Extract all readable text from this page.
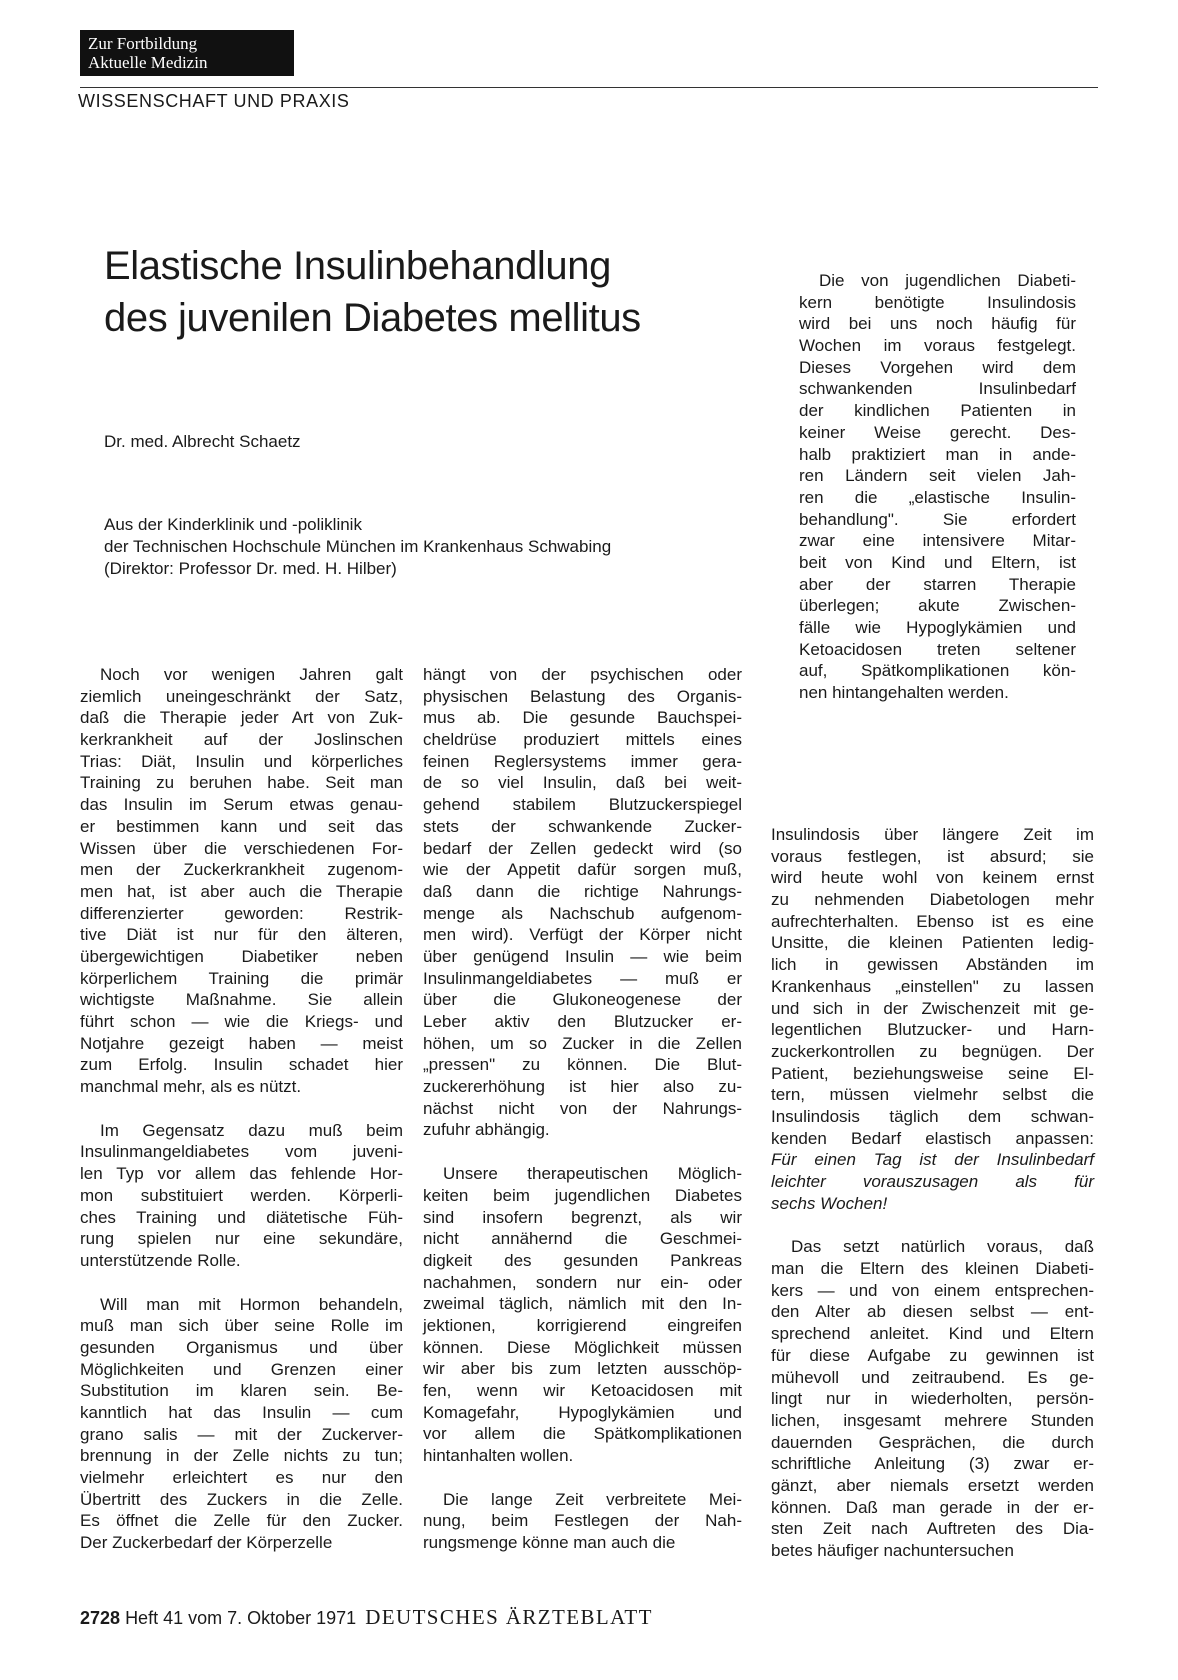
Zur Fortbildung
Aktuelle Medizin
WISSENSCHAFT UND PRAXIS
Elastische Insulinbehandlung
des juvenilen Diabetes mellitus
Dr. med. Albrecht Schaetz
Aus der Kinderklinik und -poliklinik
der Technischen Hochschule München im Krankenhaus Schwabing
(Direktor: Professor Dr. med. H. Hilber)
Noch vor wenigen Jahren galt
ziemlich uneingeschränkt der Satz,
daß die Therapie jeder Art von Zuk-
kerkrankheit auf der Joslinschen
Trias: Diät, Insulin und körperliches
Training zu beruhen habe. Seit man
das Insulin im Serum etwas genau-
er bestimmen kann und seit das
Wissen über die verschiedenen For-
men der Zuckerkrankheit zugenom-
men hat, ist aber auch die Therapie
differenzierter geworden: Restrik-
tive Diät ist nur für den älteren,
übergewichtigen Diabetiker neben
körperlichem Training die primär
wichtigste Maßnahme. Sie allein
führt schon — wie die Kriegs- und
Notjahre gezeigt haben — meist
zum Erfolg. Insulin schadet hier
manchmal mehr, als es nützt.
Im Gegensatz dazu muß beim
Insulinmangeldiabetes vom juveni-
len Typ vor allem das fehlende Hor-
mon substituiert werden. Körperli-
ches Training und diätetische Füh-
rung spielen nur eine sekundäre,
unterstützende Rolle.
Will man mit Hormon behandeln,
muß man sich über seine Rolle im
gesunden Organismus und über
Möglichkeiten und Grenzen einer
Substitution im klaren sein. Be-
kanntlich hat das Insulin — cum
grano salis — mit der Zuckerver-
brennung in der Zelle nichts zu tun;
vielmehr erleichtert es nur den
Übertritt des Zuckers in die Zelle.
Es öffnet die Zelle für den Zucker.
Der Zuckerbedarf der Körperzelle
hängt von der psychischen oder
physischen Belastung des Organis-
mus ab. Die gesunde Bauchspei-
cheldrüse produziert mittels eines
feinen Reglersystems immer gera-
de so viel Insulin, daß bei weit-
gehend stabilem Blutzuckerspiegel
stets der schwankende Zucker-
bedarf der Zellen gedeckt wird (so
wie der Appetit dafür sorgen muß,
daß dann die richtige Nahrungs-
menge als Nachschub aufgenom-
men wird). Verfügt der Körper nicht
über genügend Insulin — wie beim
Insulinmangeldiabetes — muß er
über die Glukoneogenese der
Leber aktiv den Blutzucker er-
höhen, um so Zucker in die Zellen
„pressen" zu können. Die Blut-
zuckererhöhung ist hier also zu-
nächst nicht von der Nahrungs-
zufuhr abhängig.
Unsere therapeutischen Möglich-
keiten beim jugendlichen Diabetes
sind insofern begrenzt, als wir
nicht annähernd die Geschmei-
digkeit des gesunden Pankreas
nachahmen, sondern nur ein- oder
zweimal täglich, nämlich mit den In-
jektionen, korrigierend eingreifen
können. Diese Möglichkeit müssen
wir aber bis zum letzten ausschöp-
fen, wenn wir Ketoacidosen mit
Komagefahr, Hypoglykämien und
vor allem die Spätkomplikationen
hintanhalten wollen.
Die lange Zeit verbreitete Mei-
nung, beim Festlegen der Nah-
rungsmenge könne man auch die
Die von jugendlichen Diabeti-
kern benötigte Insulindosis
wird bei uns noch häufig für
Wochen im voraus festgelegt.
Dieses Vorgehen wird dem
schwankenden Insulinbedarf
der kindlichen Patienten in
keiner Weise gerecht. Des-
halb praktiziert man in ande-
ren Ländern seit vielen Jah-
ren die „elastische Insulin-
behandlung". Sie erfordert
zwar eine intensivere Mitar-
beit von Kind und Eltern, ist
aber der starren Therapie
überlegen; akute Zwischen-
fälle wie Hypoglykämien und
Ketoacidosen treten seltener
auf, Spätkomplikationen kön-
nen hintangehalten werden.
Insulindosis über längere Zeit im
voraus festlegen, ist absurd; sie
wird heute wohl von keinem ernst
zu nehmenden Diabetologen mehr
aufrechterhalten. Ebenso ist es eine
Unsitte, die kleinen Patienten ledig-
lich in gewissen Abständen im
Krankenhaus „einstellen" zu lassen
und sich in der Zwischenzeit mit ge-
legentlichen Blutzucker- und Harn-
zuckerkontrollen zu begnügen. Der
Patient, beziehungsweise seine El-
tern, müssen vielmehr selbst die
Insulindosis täglich dem schwan-
kenden Bedarf elastisch anpassen:
Für einen Tag ist der Insulinbedarf
leichter vorauszusagen als für
sechs Wochen!
Das setzt natürlich voraus, daß
man die Eltern des kleinen Diabeti-
kers — und von einem entsprechen-
den Alter ab diesen selbst — ent-
sprechend anleitet. Kind und Eltern
für diese Aufgabe zu gewinnen ist
mühevoll und zeitraubend. Es ge-
lingt nur in wiederholten, persön-
lichen, insgesamt mehrere Stunden
dauernden Gesprächen, die durch
schriftliche Anleitung (3) zwar er-
gänzt, aber niemals ersetzt werden
können. Daß man gerade in der er-
sten Zeit nach Auftreten des Dia-
betes häufiger nachuntersuchen
2728 Heft 41 vom 7. Oktober 1971 DEUTSCHES ÄRZTEBLATT
